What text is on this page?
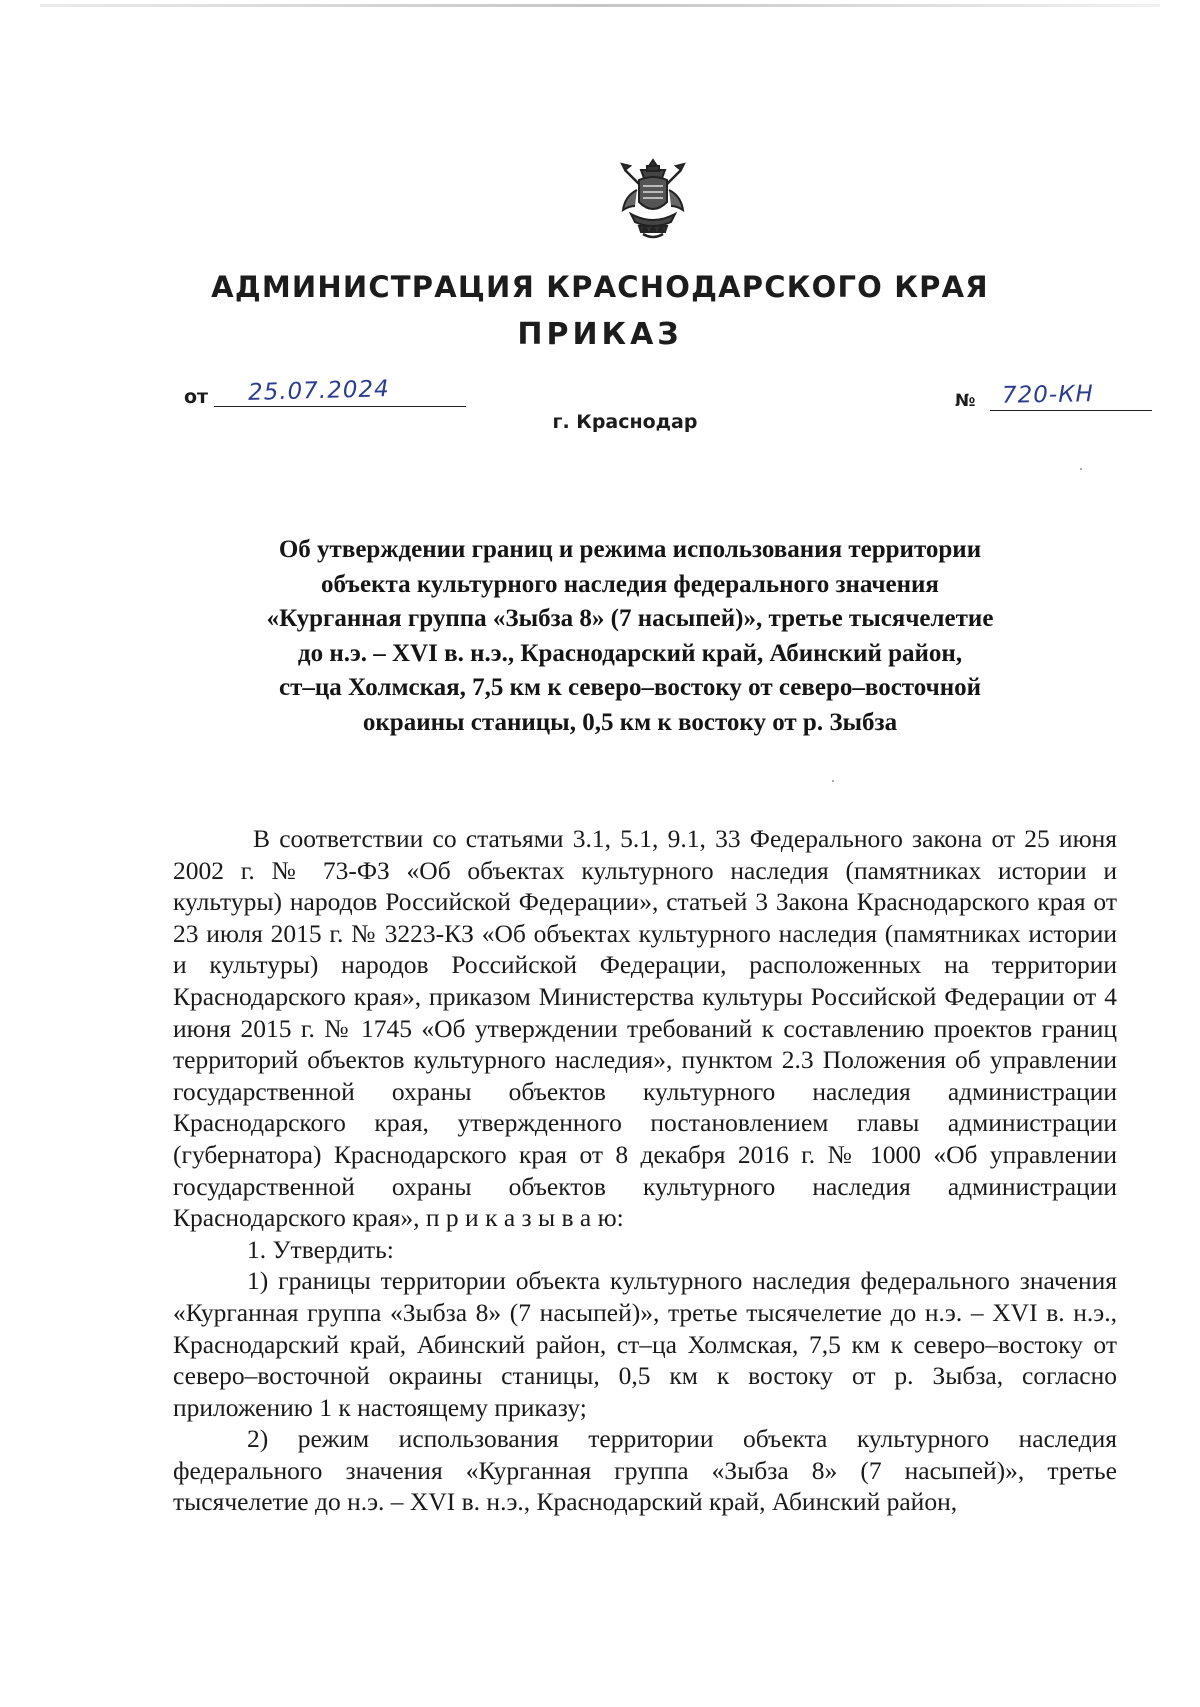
АДМИНИСТРАЦИЯ КРАСНОДАРСКОГО КРАЯ
ПРИКАЗ
от 25.07.2024
г. Краснодар
№ 720-КН
Об утверждении границ и режима использования территории
объекта культурного наследия федерального значения
«Курганная группа «Зыбза 8» (7 насыпей)», третье тысячелетие
до н.э. – XVI в. н.э., Краснодарский край, Абинский район,
ст–ца Холмская, 7,5 км к северо–востоку от северо–восточной
окраины станицы, 0,5 км к востоку от р. Зыбза

В соответствии со статьями 3.1, 5.1, 9.1, 33 Федерального закона от 25 июня 2002 г. № 73-ФЗ «Об объектах культурного наследия (памятниках истории и культуры) народов Российской Федерации», статьей 3 Закона Краснодарского края от 23 июля 2015 г. № 3223-КЗ «Об объектах культурного наследия (памятниках истории и культуры) народов Российской Федерации, расположенных на территории Краснодарского края», приказом Министерства культуры Российской Федерации от 4 июня 2015 г. № 1745 «Об утверждении требований к составлению проектов границ территорий объектов культурного наследия», пунктом 2.3 Положения об управлении государственной охраны объектов культурного наследия администрации Краснодарского края, утвержденного постановлением главы администрации (губернатора) Краснодарского края от 8 декабря 2016 г. № 1000 «Об управлении государственной охраны объектов культурного наследия администрации Краснодарского края», п р и к а з ы в а ю:

1. Утвердить:

1) границы территории объекта культурного наследия федерального значения «Курганная группа «Зыбза 8» (7 насыпей)», третье тысячелетие до н.э. – XVI в. н.э., Краснодарский край, Абинский район, ст–ца Холмская, 7,5 км к северо–востоку от северо–восточной окраины станицы, 0,5 км к востоку от р. Зыбза, согласно приложению 1 к настоящему приказу;

2) режим использования территории объекта культурного наследия федерального значения «Курганная группа «Зыбза 8» (7 насыпей)», третье тысячелетие до н.э. – XVI в. н.э., Краснодарский край, Абинский район,
